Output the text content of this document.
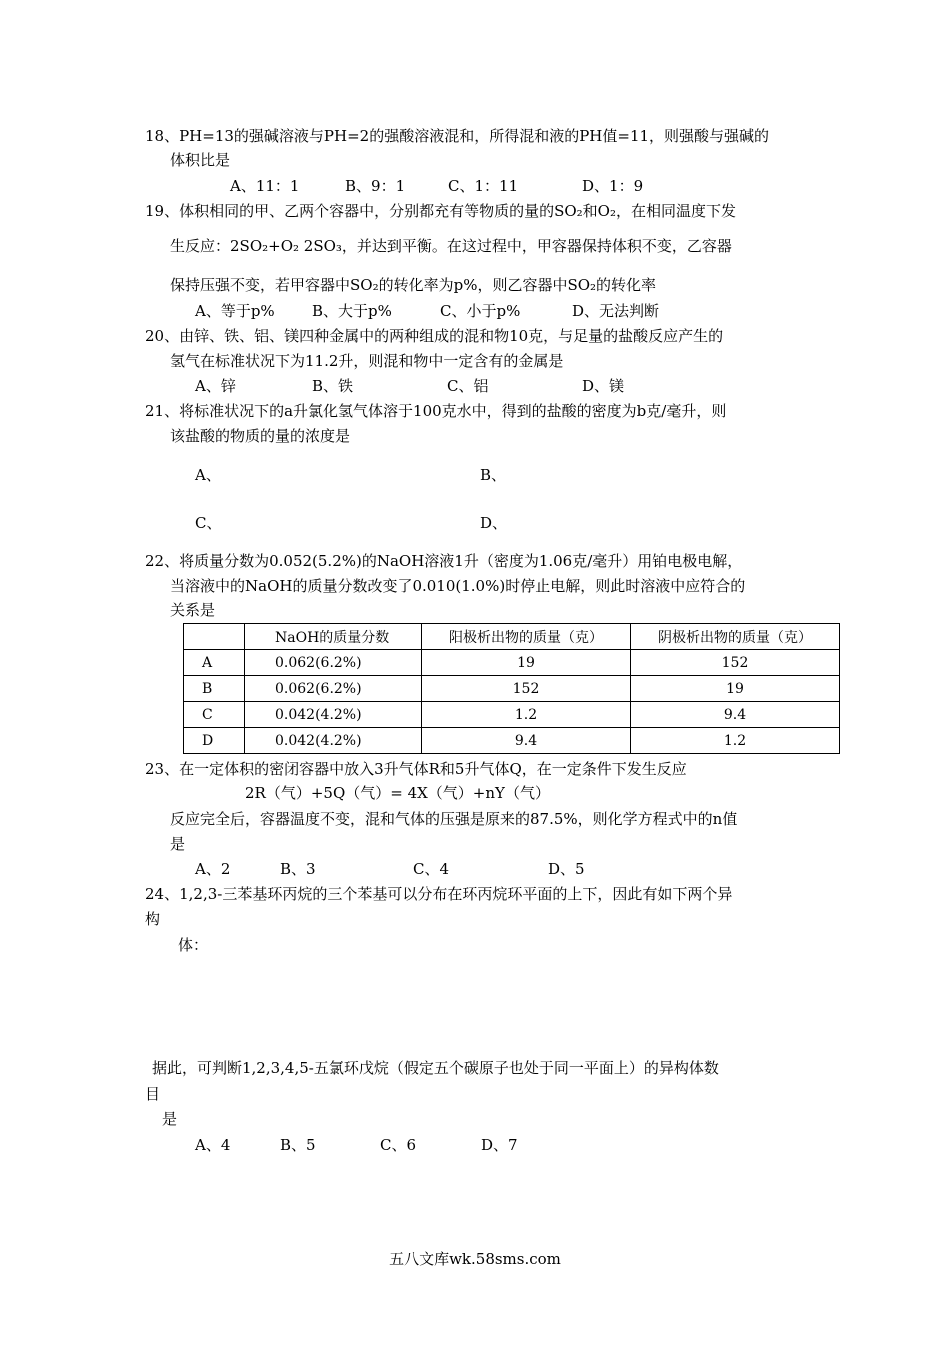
18、PH=13的强碱溶液与PH=2的强酸溶液混和，所得混和液的PH值=11，则强酸与强碱的
体积比是
A、11：1	B、9：1	C、1：11	D、1：9
19、体积相同的甲、乙两个容器中，分别都充有等物质的量的SO₂和O₂，在相同温度下发
生反应：2SO₂+O₂ 2SO₃，并达到平衡。在这过程中，甲容器保持体积不变，乙容器
保持压强不变，若甲容器中SO₂的转化率为p%，则乙容器中SO₂的转化率
A、等于p% B、大于p%	C、小于p%	D、无法判断
20、由锌、铁、铝、镁四种金属中的两种组成的混和物10克，与足量的盐酸反应产生的
氢气在标准状况下为11.2升，则混和物中一定含有的金属是
A、锌	B、铁	C、铝	D、镁
21、将标准状况下的a升氯化氢气体溶于100克水中，得到的盐酸的密度为b克/毫升，则
该盐酸的物质的量的浓度是
A、	B、
C、	D、
22、将质量分数为0.052(5.2%)的NaOH溶液1升（密度为1.06克/毫升）用铂电极电解，
当溶液中的NaOH的质量分数改变了0.010(1.0%)时停止电解，则此时溶液中应符合的
关系是
	NaOH的质量分数	阳极析出物的质量（克）	阴极析出物的质量（克）
A	0.062(6.2%)	19	152
B	0.062(6.2%)	152	19
C	0.042(4.2%)	1.2	9.4
D	0.042(4.2%)	9.4	1.2
23、在一定体积的密闭容器中放入3升气体R和5升气体Q，在一定条件下发生反应
2R（气）+5Q（气）= 4X（气）+nY（气）
反应完全后，容器温度不变，混和气体的压强是原来的87.5%，则化学方程式中的n值
是
A、2	B、3	C、4	D、5
24、1,2,3-三苯基环丙烷的三个苯基可以分布在环丙烷环平面的上下，因此有如下两个异
构
体：
据此，可判断1,2,3,4,5-五氯环戊烷（假定五个碳原子也处于同一平面上）的异构体数
目
是
A、4	B、5	C、6	D、7
五八文库wk.58sms.com
